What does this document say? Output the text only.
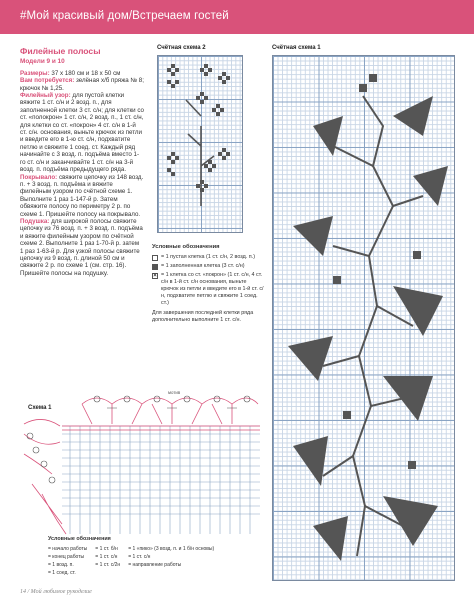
#Мой красивый дом/Встречаем гостей
Филейные полосы
Модели 9 и 10
Размеры: 37 x 180 см и 18 x 50 см
Вам потребуется: зелёная х/б пряжа № 8; крючок № 1,25.
Филейный узор: для пустой клетки вяжите 1 ст. с/н и 2 возд. п., для заполненной клетки 3 ст. с/н; для клетки со ст. «полокрон» 1 ст. с/н, 2 возд. п., 1 ст. с/н, для клетки со ст. «покрон» 4 ст. с/н в 1-й ст. с/н. основания, выньте крючок из петли и введите его в 1-ю ст. с/н, подхватите петлю и свяжите 1 соед. ст. Каждый ряд начинайте с 3 возд. п. подъёма вместо 1-го ст. с/н и заканчивайте 1 ст. с/н на 3-й возд. п. подъёма предыдущего ряда.
Покрывало: свяжите цепочку из 148 возд. п. + 3 возд. п. подъёма и вяжите филейным узором по счётной схеме 1. Выполните 1 раз 1-147-й р. Затем обвяжите полосу по периметру 2 р. по схеме 1. Пришейте полосу на покрывало.
Подушка: для широкой полосы свяжите цепочку из 76 возд. п. + 3 возд. п. подъёма и вяжите филейным узором по счётной схеме 2. Выполните 1 раз 1-70-й р. затем 1 раз 1-63-й р. Для узкой полосы свяжите цепочку из 9 возд. п. длиной 50 см и свяжите 2 р. по схеме 1 (см. стр. 16). Пришейте полосы на подушку.
Счётная схема 2	Счётная схема 1
Условные обозначения
= 1 пустая клетка (1 ст. с/н, 2 возд. п.)
= 1 заполненная клетка (3 ст. с/н)
× = 1 клетка со ст. «покрон» (1 ст. с/н, 4 ст. с/н в 1-й ст. с/н основания, выньте крючок из петли и введите его в 1-й ст. с/н, подхватите петлю и свяжите 1 соед. ст.)
Для завершения последней клетки ряда дополнительно выполните 1 ст. с/н.
мотив
Схема 1
Условные обозначения
= начало работы
= конец работы
= 1 возд. п.
= 1 соед. ст.
= 1 ст. б/н
= 1 ст. с/н
= 1 ст. с/2н
= 1 «пико» (3 возд. п. и 1 б/н основы)
= 1 ст. с/н
= направление работы
14 / Мой любимое рукоделие
